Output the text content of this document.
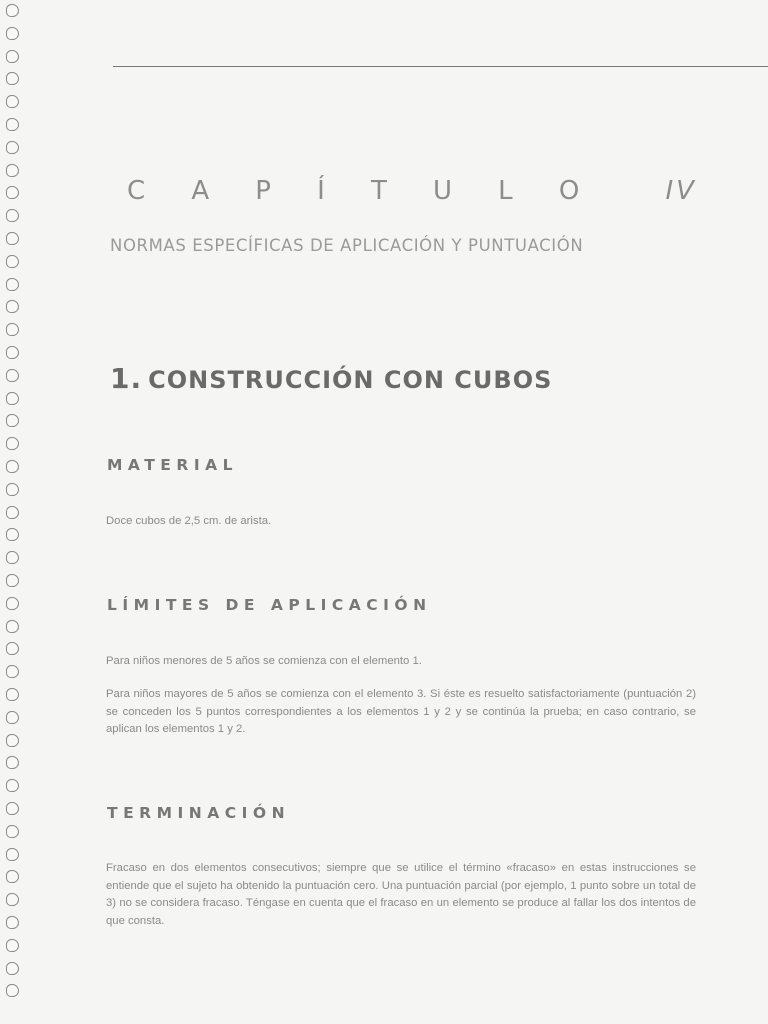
C A P Í T U L O	IV
NORMAS ESPECÍFICAS DE APLICACIÓN Y PUNTUACIÓN
1. CONSTRUCCIÓN CON CUBOS
MATERIAL

Doce cubos de 2,5 cm. de arista.

LÍMITES DE APLICACIÓN

Para niños menores de 5 años se comienza con el elemento 1.

Para niños mayores de 5 años se comienza con el elemento 3. Si éste es resuelto satisfactoriamente (puntuación 2) se conceden los 5 puntos correspondientes a los elementos 1 y 2 y se continúa la prueba; en caso contrario, se aplican los elementos 1 y 2.

TERMINACIÓN

Fracaso en dos elementos consecutivos; siempre que se utilice el término «fracaso» en estas instrucciones se entiende que el sujeto ha obtenido la puntuación cero. Una puntuación parcial (por ejemplo, 1 punto sobre un total de 3) no se considera fracaso. Téngase en cuenta que el fracaso en un elemento se produce al fallar los dos intentos de que consta.
